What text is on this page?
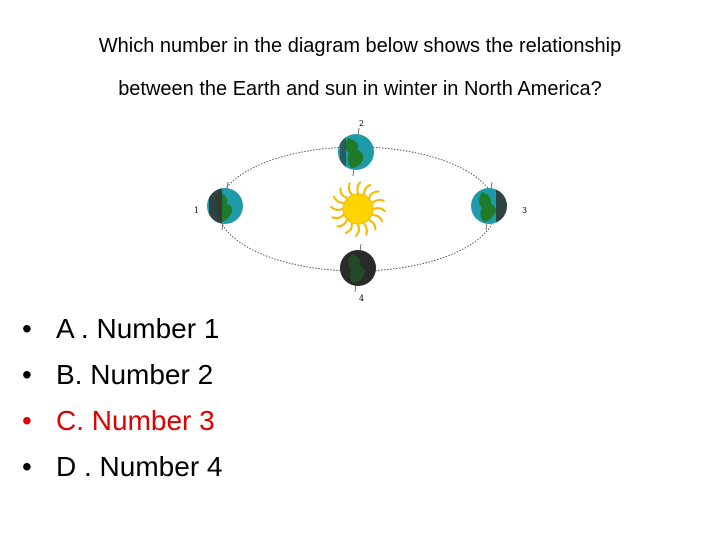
Which number in the diagram below shows the relationship
between the Earth and sun in winter in North America?
1
2
3
4
• A . Number 1
• B. Number 2
• C. Number 3
• D . Number 4
